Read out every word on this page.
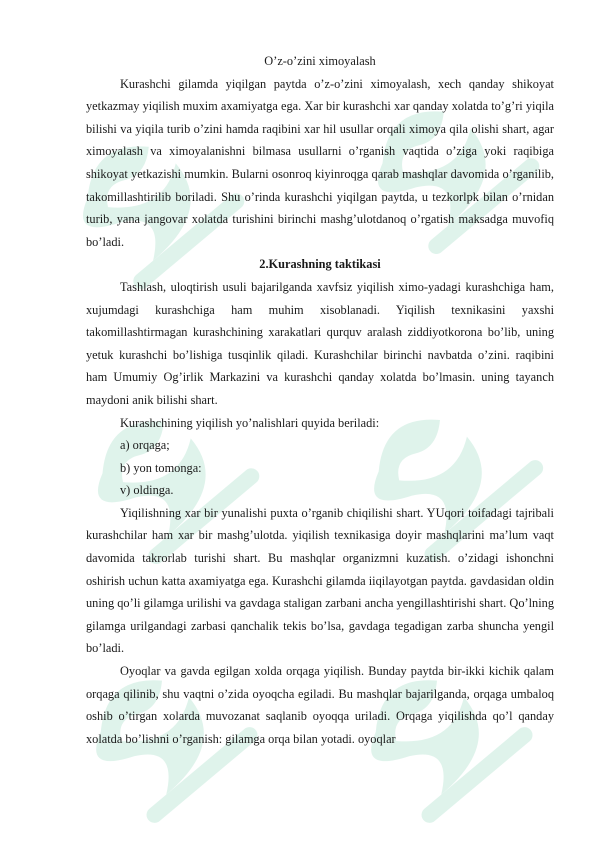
O’z-o’zini ximoyalash

Kurashchi gilamda yiqilgan paytda o’z-o’zini ximoyalash, xech qanday shikoyat yetkazmay yiqilish muxim axamiyatga ega. Xar bir kurashchi xar qanday xolatda to’g’ri yiqila bilishi va yiqila turib o’zini hamda raqibini xar hil usullar orqali ximoya qila olishi shart, agar ximoyalash va ximoyalanishni bilmasa usullarni o’rganish vaqtida o’ziga yoki raqibiga shikoyat yetkazishi mumkin. Bularni osonroq kiyinroqga qarab mashqlar davomida o’rganilib, takomillashtirilib boriladi. Shu o’rinda kurashchi yiqilgan paytda, u tezkorlpk bilan o’rnidan turib, yana jangovar xolatda turishini birinchi mashg’ulotdanoq o’rgatish maksadga muvofiq bo’ladi.

2.Kurashning taktikasi

Tashlash, uloqtirish usuli bajarilganda xavfsiz yiqilish ximo-yadagi kurashchiga ham, xujumdagi kurashchiga ham muhim xisoblanadi. Yiqilish texnikasini yaxshi takomillashtirmagan kurashchining xarakatlari qurquv aralash ziddiyotkorona bo’lib, uning yetuk kurashchi bo’lishiga tusqinlik qiladi. Kurashchilar birinchi navbatda o’zini. raqibini ham Umumiy Og’irlik Markazini va kurashchi qanday xolatda bo’lmasin. uning tayanch maydoni anik bilishi shart.

Kurashchining yiqilish yo’nalishlari quyida beriladi:

a) orqaga;

b) yon tomonga:

v) oldinga.

Yiqilishning xar bir yunalishi puxta o’rganib chiqilishi shart. YUqori toifadagi tajribali kurashchilar ham xar bir mashg’ulotda. yiqilish texnikasiga doyir mashqlarini ma’lum vaqt davomida takrorlab turishi shart. Bu mashqlar organizmni kuzatish. o’zidagi ishonchni oshirish uchun katta axamiyatga ega. Kurashchi gilamda iiqilayotgan paytda. gavdasidan oldin uning qo’li gilamga urilishi va gavdaga staligan zarbani ancha yengillashtirishi shart. Qo’lning gilamga urilgandagi zarbasi qanchalik tekis bo’lsa, gavdaga tegadigan zarba shuncha yengil bo’ladi.

Oyoqlar va gavda egilgan xolda orqaga yiqilish. Bunday paytda bir-ikki kichik qalam orqaga qilinib, shu vaqtni o’zida oyoqcha egiladi. Bu mashqlar bajarilganda, orqaga umbaloq oshib o’tirgan xolarda muvozanat saqlanib oyoqqa uriladi. Orqaga yiqilishda qo’l qanday xolatda bo’lishni o’rganish: gilamga orqa bilan yotadi. oyoqlar
